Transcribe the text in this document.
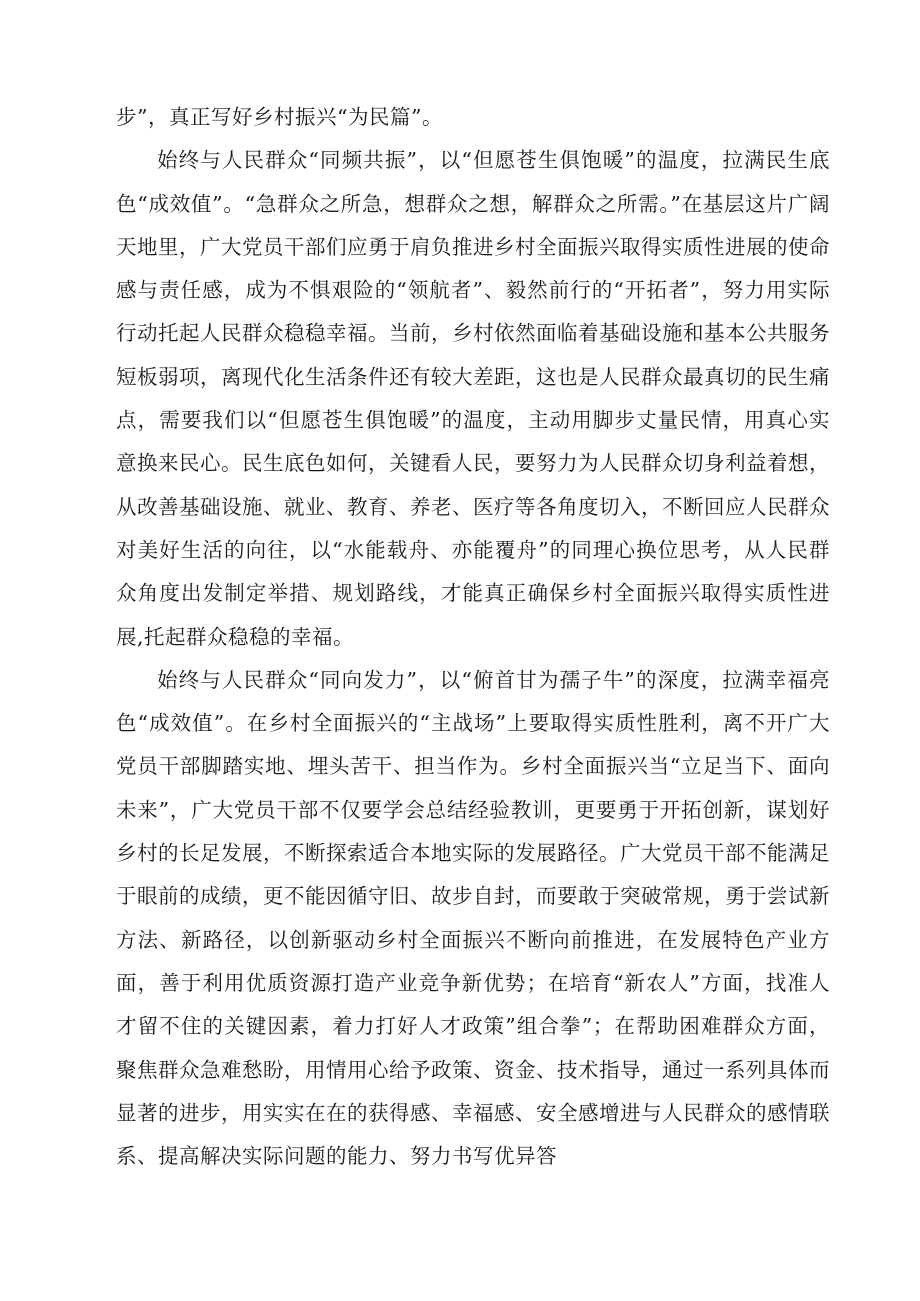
步”，真正写好乡村振兴“为民篇”。

始终与人民群众“同频共振”，以“但愿苍生俱饱暖”的温度，拉满民生底色“成效值”。“急群众之所急，想群众之想，解群众之所需。”在基层这片广阔天地里，广大党员干部们应勇于肩负推进乡村全面振兴取得实质性进展的使命感与责任感，成为不惧艰险的“领航者”、毅然前行的“开拓者”，努力用实际行动托起人民群众稳稳幸福。当前，乡村依然面临着基础设施和基本公共服务短板弱项，离现代化生活条件还有较大差距，这也是人民群众最真切的民生痛点，需要我们以“但愿苍生俱饱暖”的温度，主动用脚步丈量民情，用真心实意换来民心。民生底色如何，关键看人民，要努力为人民群众切身利益着想，从改善基础设施、就业、教育、养老、医疗等各角度切入，不断回应人民群众对美好生活的向往，以“水能载舟、亦能覆舟”的同理心换位思考，从人民群众角度出发制定举措、规划路线，才能真正确保乡村全面振兴取得实质性进展,托起群众稳稳的幸福。

始终与人民群众“同向发力”，以“俯首甘为孺子牛”的深度，拉满幸福亮色“成效值”。在乡村全面振兴的“主战场”上要取得实质性胜利，离不开广大党员干部脚踏实地、埋头苦干、担当作为。乡村全面振兴当“立足当下、面向未来”，广大党员干部不仅要学会总结经验教训，更要勇于开拓创新，谋划好乡村的长足发展，不断探索适合本地实际的发展路径。广大党员干部不能满足于眼前的成绩，更不能因循守旧、故步自封，而要敢于突破常规，勇于尝试新方法、新路径，以创新驱动乡村全面振兴不断向前推进，在发展特色产业方面，善于利用优质资源打造产业竞争新优势；在培育“新农人”方面，找准人才留不住的关键因素，着力打好人才政策”组合拳”；在帮助困难群众方面，聚焦群众急难愁盼，用情用心给予政策、资金、技术指导，通过一系列具体而显著的进步，用实实在在的获得感、幸福感、安全感增进与人民群众的感情联系、提高解决实际问题的能力、努力书写优异答
